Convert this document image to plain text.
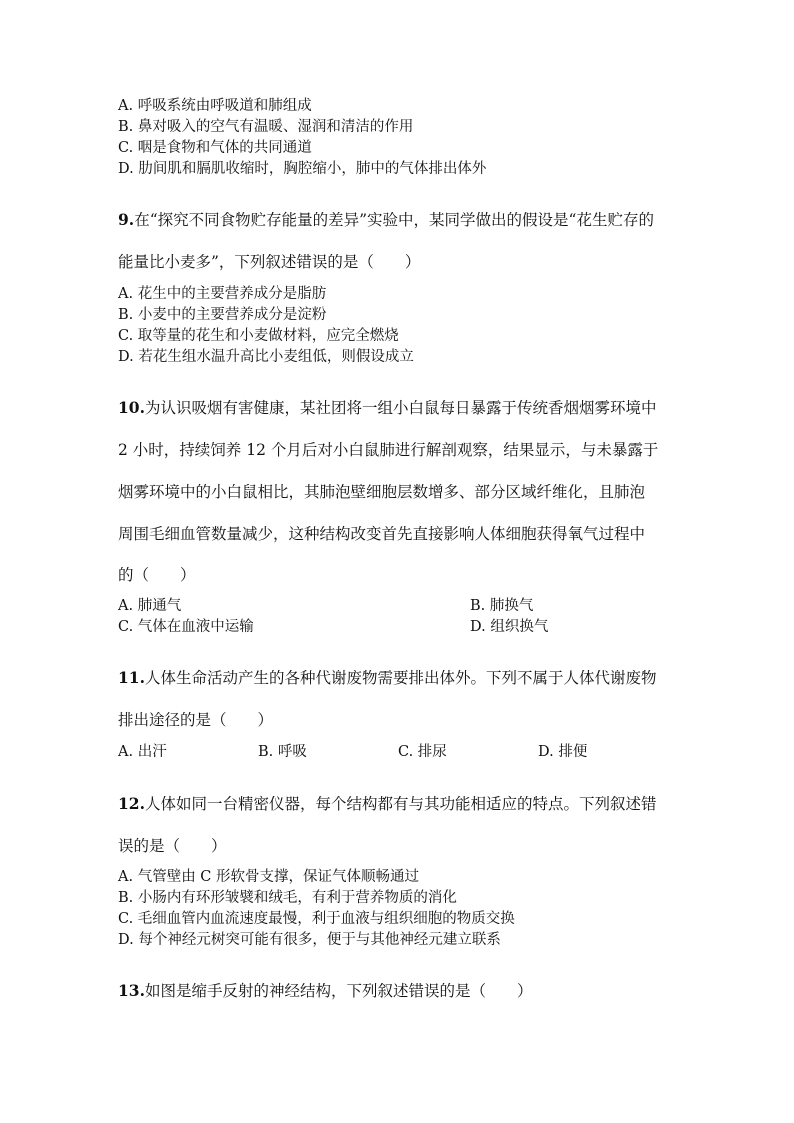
A. 呼吸系统由呼吸道和肺组成
B. 鼻对吸入的空气有温暖、湿润和清洁的作用
C. 咽是食物和气体的共同通道
D. 肋间肌和膈肌收缩时，胸腔缩小，肺中的气体排出体外
9.在“探究不同食物贮存能量的差异”实验中，某同学做出的假设是“花生贮存的
能量比小麦多”，下列叙述错误的是（　　）
A. 花生中的主要营养成分是脂肪
B. 小麦中的主要营养成分是淀粉
C. 取等量的花生和小麦做材料，应完全燃烧
D. 若花生组水温升高比小麦组低，则假设成立
10.为认识吸烟有害健康，某社团将一组小白鼠每日暴露于传统香烟烟雾环境中
2 小时，持续饲养 12 个月后对小白鼠肺进行解剖观察，结果显示，与未暴露于
烟雾环境中的小白鼠相比，其肺泡壁细胞层数增多、部分区域纤维化，且肺泡
周围毛细血管数量减少，这种结构改变首先直接影响人体细胞获得氧气过程中
的（　　）
A. 肺通气	B. 肺换气
C. 气体在血液中运输	D. 组织换气
11.人体生命活动产生的各种代谢废物需要排出体外。下列不属于人体代谢废物
排出途径的是（　　）
A. 出汗	B. 呼吸	C. 排尿	D. 排便
12.人体如同一台精密仪器，每个结构都有与其功能相适应的特点。下列叙述错
误的是（　　）
A. 气管壁由 C 形软骨支撑，保证气体顺畅通过
B. 小肠内有环形皱襞和绒毛，有利于营养物质的消化
C. 毛细血管内血流速度最慢，利于血液与组织细胞的物质交换
D. 每个神经元树突可能有很多，便于与其他神经元建立联系
13.如图是缩手反射的神经结构，下列叙述错误的是（　　）
